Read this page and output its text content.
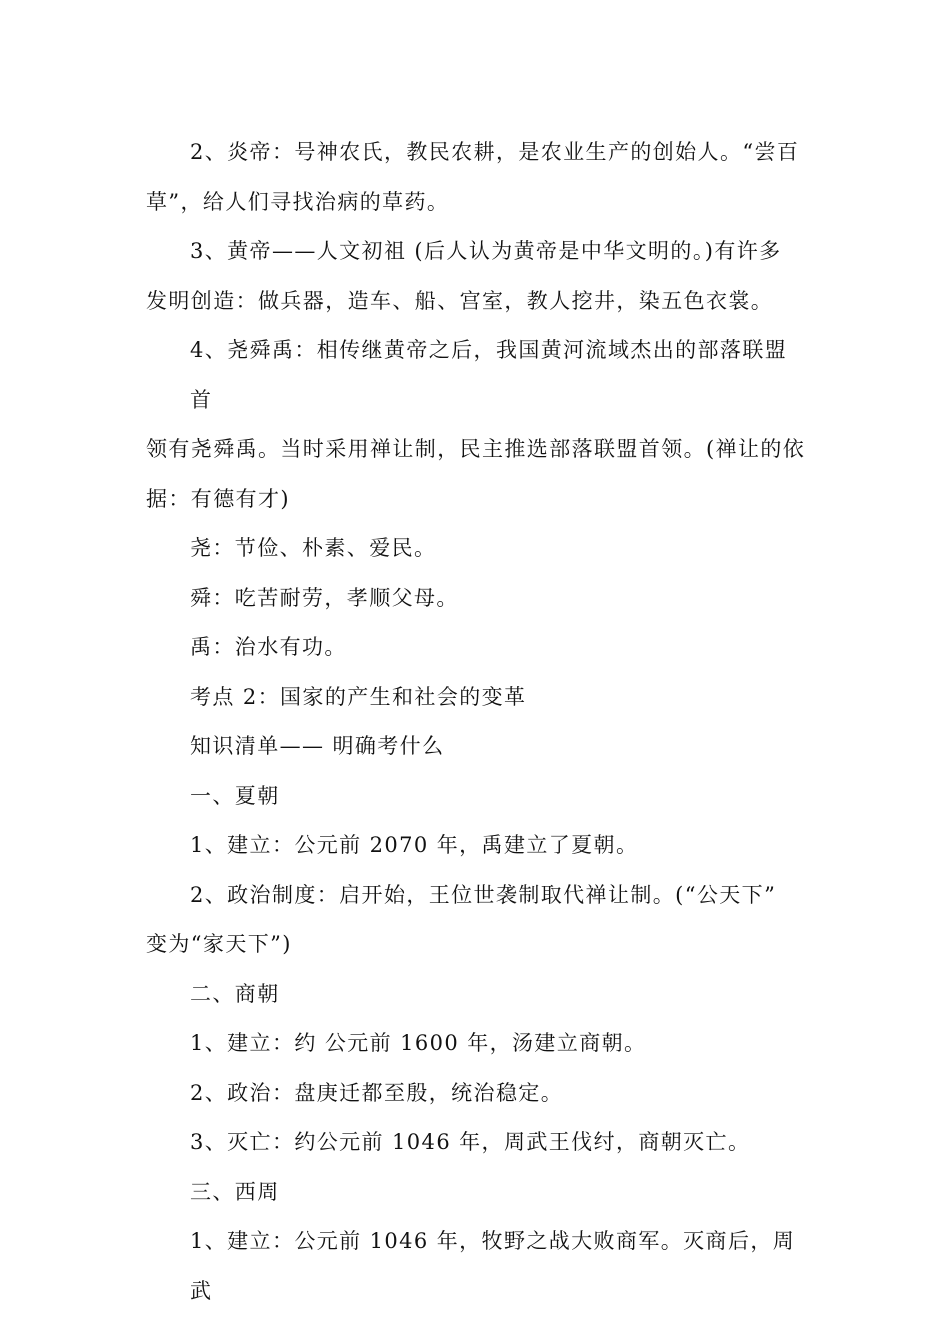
2、炎帝：号神农氏，教民农耕，是农业生产的创始人。“尝百
草”，给人们寻找治病的草药。

3、黄帝——人文初祖 (后人认为黄帝是中华文明的。)有许多
发明创造：做兵器，造车、船、宫室，教人挖井，染五色衣裳。

4、尧舜禹：相传继黄帝之后，我国黄河流域杰出的部落联盟首
领有尧舜禹。当时采用禅让制，民主推选部落联盟首领。(禅让的依
据：有德有才)

尧：节俭、朴素、爱民。

舜：吃苦耐劳，孝顺父母。

禹：治水有功。

考点 2：国家的产生和社会的变革

知识清单—— 明确考什么

一、夏朝

1、建立：公元前 2070 年，禹建立了夏朝。

2、政治制度：启开始，王位世袭制取代禅让制。(“公天下”
变为“家天下”)

二、商朝

1、建立：约 公元前 1600 年，汤建立商朝。

2、政治：盘庚迁都至殷，统治稳定。

3、灭亡：约公元前 1046 年，周武王伐纣，商朝灭亡。

三、西周

1、建立：公元前 1046 年，牧野之战大败商军。灭商后，周武
